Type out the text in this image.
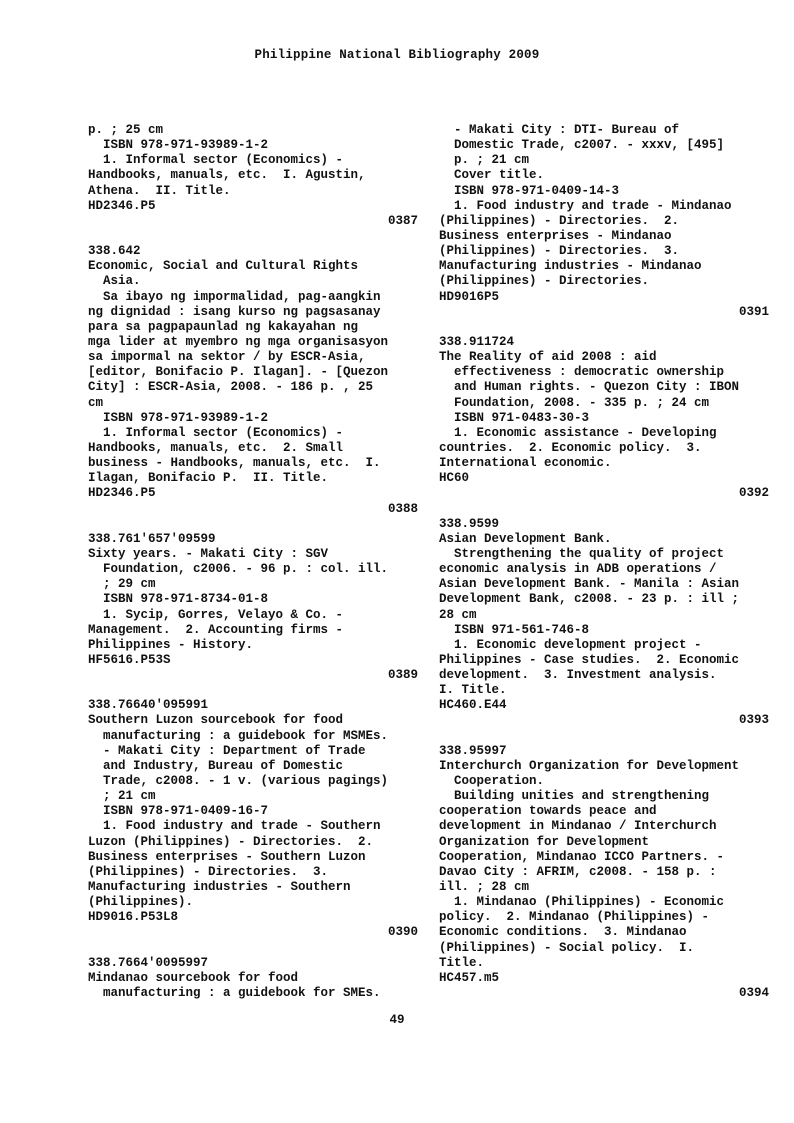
Philippine National Bibliography 2009
p. ; 25 cm
ISBN 978-971-93989-1-2
1. Informal sector (Economics) -
Handbooks, manuals, etc.  I. Agustin,
Athena.  II. Title.
HD2346.P5
0387
338.642
Economic, Social and Cultural Rights
Asia.
Sa ibayo ng impormalidad, pag-aangkin
ng dignidad : isang kurso ng pagsasanay
para sa pagpapaunlad ng kakayahan ng
mga lider at myembro ng mga organisasyon
sa impormal na sektor / by ESCR-Asia,
[editor, Bonifacio P. Ilagan]. - [Quezon
City] : ESCR-Asia, 2008. - 186 p. , 25
cm
ISBN 978-971-93989-1-2
1. Informal sector (Economics) -
Handbooks, manuals, etc.  2. Small
business - Handbooks, manuals, etc.  I.
Ilagan, Bonifacio P.  II. Title.
HD2346.P5
0388
338.761'657'09599
Sixty years. - Makati City : SGV
Foundation, c2006. - 96 p. : col. ill.
; 29 cm
ISBN 978-971-8734-01-8
1. Sycip, Gorres, Velayo & Co. -
Management.  2. Accounting firms -
Philippines - History.
HF5616.P53S
0389
338.76640'095991
Southern Luzon sourcebook for food
manufacturing : a guidebook for MSMEs.
- Makati City : Department of Trade
and Industry, Bureau of Domestic
Trade, c2008. - 1 v. (various pagings)
; 21 cm
ISBN 978-971-0409-16-7
1. Food industry and trade - Southern
Luzon (Philippines) - Directories.  2.
Business enterprises - Southern Luzon
(Philippines) - Directories.  3.
Manufacturing industries - Southern
(Philippines).
HD9016.P53L8
0390
338.7664'0095997
Mindanao sourcebook for food
manufacturing : a guidebook for SMEs.
- Makati City : DTI- Bureau of
Domestic Trade, c2007. - xxxv, [495]
p. ; 21 cm
Cover title.
ISBN 978-971-0409-14-3
1. Food industry and trade - Mindanao
(Philippines) - Directories.  2.
Business enterprises - Mindanao
(Philippines) - Directories.  3.
Manufacturing industries - Mindanao
(Philippines) - Directories.
HD9016P5
0391
338.911724
The Reality of aid 2008 : aid
effectiveness : democratic ownership
and Human rights. - Quezon City : IBON
Foundation, 2008. - 335 p. ; 24 cm
ISBN 971-0483-30-3
1. Economic assistance - Developing
countries.  2. Economic policy.  3.
International economic.
HC60
0392
338.9599
Asian Development Bank.
Strengthening the quality of project
economic analysis in ADB operations /
Asian Development Bank. - Manila : Asian
Development Bank, c2008. - 23 p. : ill ;
28 cm
ISBN 971-561-746-8
1. Economic development project -
Philippines - Case studies.  2. Economic
development.  3. Investment analysis.
I. Title.
HC460.E44
0393
338.95997
Interchurch Organization for Development
Cooperation.
Building unities and strengthening
cooperation towards peace and
development in Mindanao / Interchurch
Organization for Development
Cooperation, Mindanao ICCO Partners. -
Davao City : AFRIM, c2008. - 158 p. :
ill. ; 28 cm
1. Mindanao (Philippines) - Economic
policy.  2. Mindanao (Philippines) -
Economic conditions.  3. Mindanao
(Philippines) - Social policy.  I.
Title.
HC457.m5
0394
49
